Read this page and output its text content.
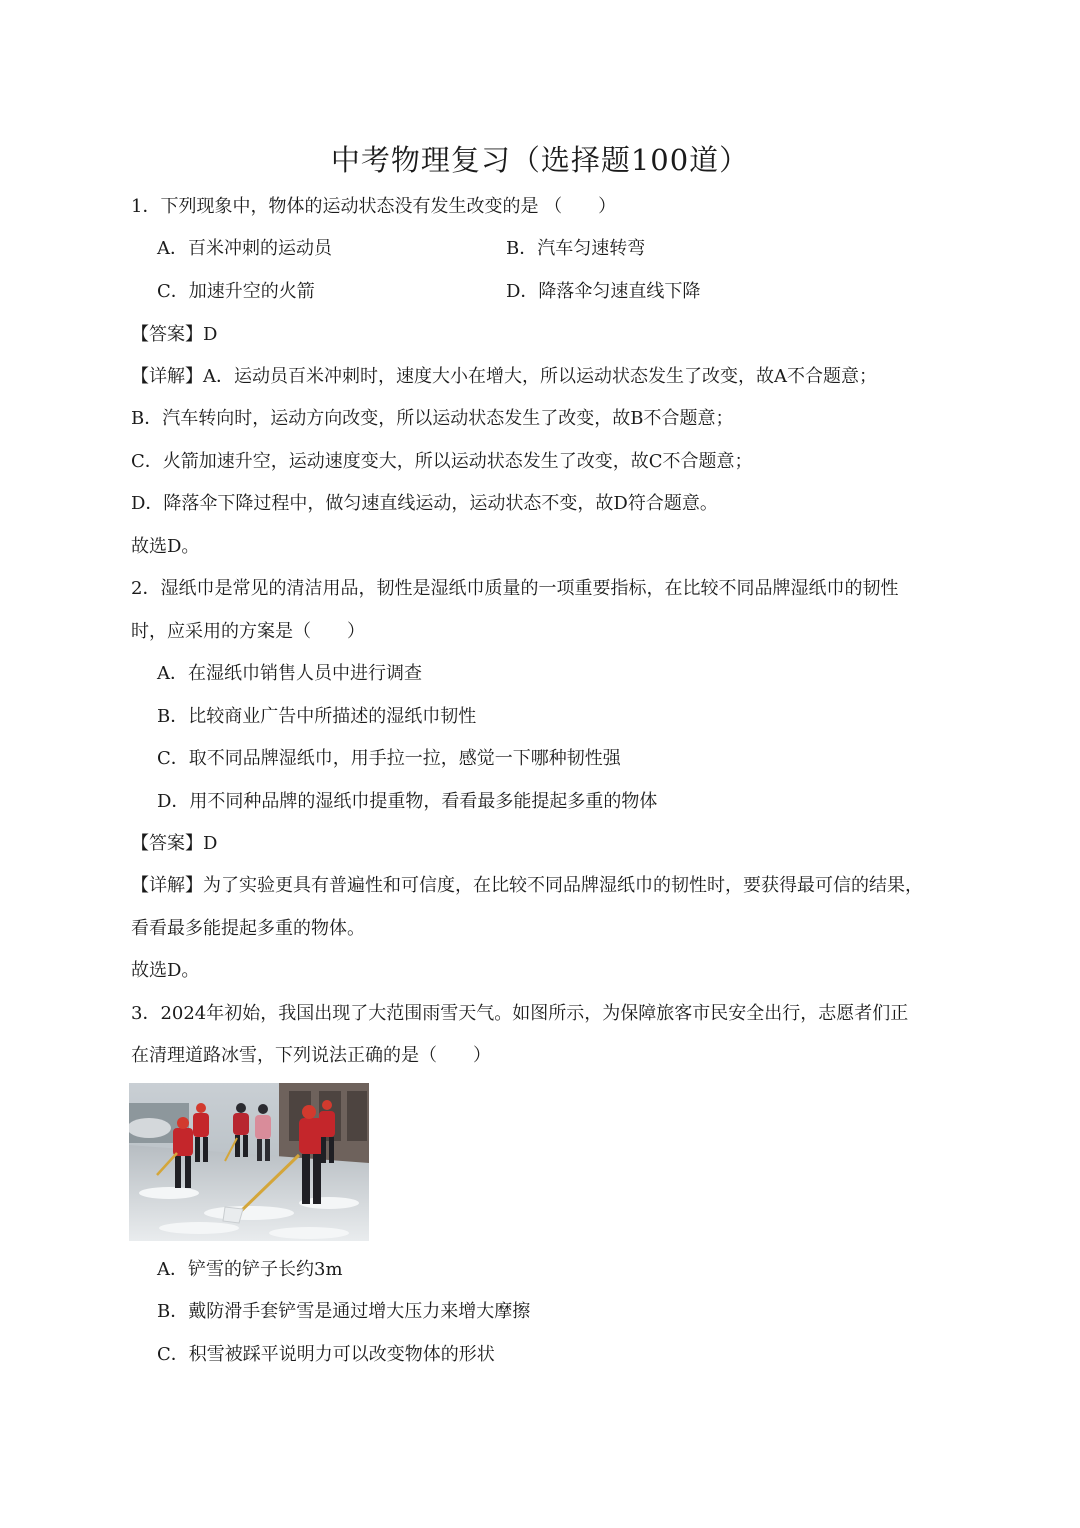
中考物理复习（选择题100道）
1．下列现象中，物体的运动状态没有发生改变的是 （　　）
A．百米冲刺的运动员	B．汽车匀速转弯
C．加速升空的火箭	D．降落伞匀速直线下降
【答案】D
【详解】A．运动员百米冲刺时，速度大小在增大，所以运动状态发生了改变，故A不合题意；
B．汽车转向时，运动方向改变，所以运动状态发生了改变，故B不合题意；
C．火箭加速升空，运动速度变大，所以运动状态发生了改变，故C不合题意；
D．降落伞下降过程中，做匀速直线运动，运动状态不变，故D符合题意。
故选D。
2．湿纸巾是常见的清洁用品，韧性是湿纸巾质量的一项重要指标，在比较不同品牌湿纸巾的韧性
时，应采用的方案是（　　）
A．在湿纸巾销售人员中进行调查
B．比较商业广告中所描述的湿纸巾韧性
C．取不同品牌湿纸巾，用手拉一拉，感觉一下哪种韧性强
D．用不同种品牌的湿纸巾提重物，看看最多能提起多重的物体
【答案】D
【详解】为了实验更具有普遍性和可信度，在比较不同品牌湿纸巾的韧性时，要获得最可信的结果，
看看最多能提起多重的物体。
故选D。
3．2024年初始，我国出现了大范围雨雪天气。如图所示，为保障旅客市民安全出行，志愿者们正
在清理道路冰雪，下列说法正确的是（　　）
A．铲雪的铲子长约3m
B．戴防滑手套铲雪是通过增大压力来增大摩擦
C．积雪被踩平说明力可以改变物体的形状
